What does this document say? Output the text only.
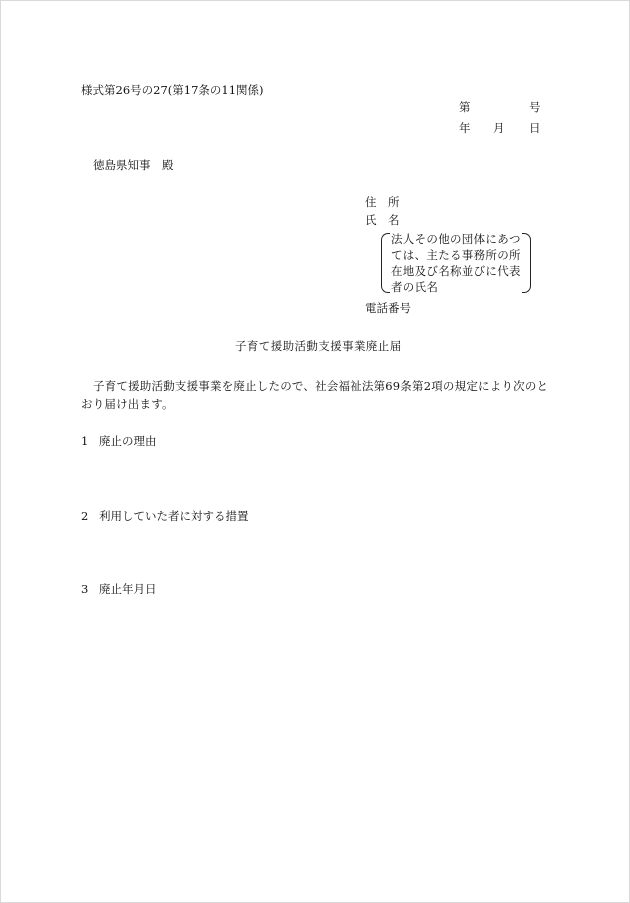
様式第26号の27(第17条の11関係)
第	号
年 月 日
徳島県知事　殿
住　所
氏　名
法人その他の団体にあつ
ては、主たる事務所の所
在地及び名称並びに代表
者の氏名
電話番号
子育て援助活動支援事業廃止届
子育て援助活動支援事業を廃止したので、社会福祉法第69条第2項の規定により次のとおり届け出ます。
1 廃止の理由
2 利用していた者に対する措置
3 廃止年月日
